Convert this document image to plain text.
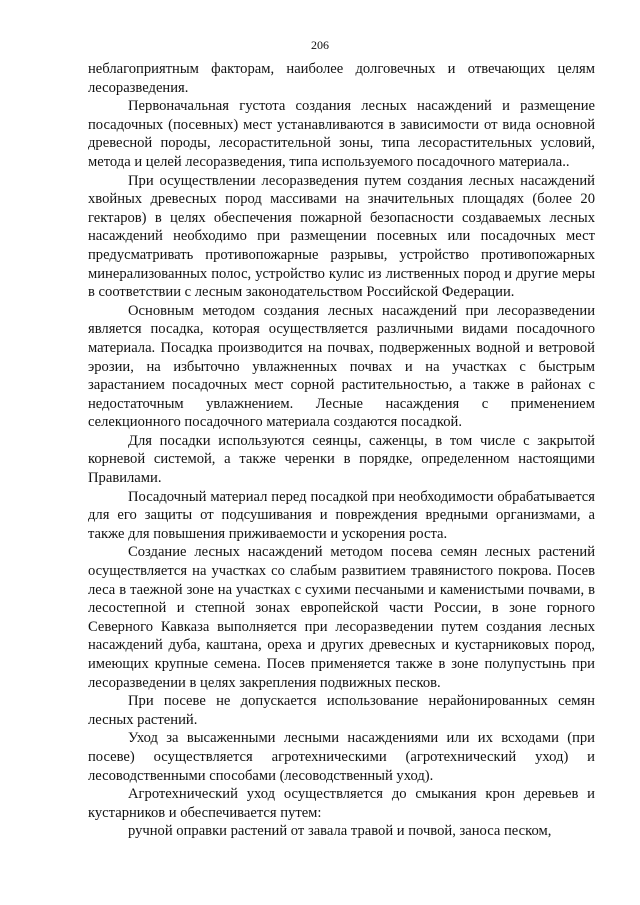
206

неблагоприятным факторам, наиболее долговечных и отвечающих целям лесоразведения.

Первоначальная густота создания лесных насаждений и размещение посадочных (посевных) мест устанавливаются в зависимости от вида основной древесной породы, лесорастительной зоны, типа лесорастительных условий, метода и целей лесоразведения, типа используемого посадочного материала..

При осуществлении лесоразведения путем создания лесных насаждений хвойных древесных пород массивами на значительных площадях (более 20 гектаров) в целях обеспечения пожарной безопасности создаваемых лесных насаждений необходимо при размещении посевных или посадочных мест предусматривать противопожарные разрывы, устройство противопожарных минерализованных полос, устройство кулис из лиственных пород и другие меры в соответствии с лесным законодательством Российской Федерации.

Основным методом создания лесных насаждений при лесоразведении является посадка, которая осуществляется различными видами посадочного материала. Посадка производится на почвах, подверженных водной и ветровой эрозии, на избыточно увлажненных почвах и на участках с быстрым зарастанием посадочных мест сорной растительностью, а также в районах с недостаточным увлажнением. Лесные насаждения с применением селекционного посадочного материала создаются посадкой.

Для посадки используются сеянцы, саженцы, в том числе с закрытой корневой системой, а также черенки в порядке, определенном настоящими Правилами.

Посадочный материал перед посадкой при необходимости обрабатывается для его защиты от подсушивания и повреждения вредными организмами, а также для повышения приживаемости и ускорения роста.

Создание лесных насаждений методом посева семян лесных растений осуществляется на участках со слабым развитием травянистого покрова. Посев леса в таежной зоне на участках с сухими песчаными и каменистыми почвами, в лесостепной и степной зонах европейской части России, в зоне горного Северного Кавказа выполняется при лесоразведении путем создания лесных насаждений дуба, каштана, ореха и других древесных и кустарниковых пород, имеющих крупные семена. Посев применяется также в зоне полупустынь при лесоразведении в целях закрепления подвижных песков.

При посеве не допускается использование нерайонированных семян лесных растений.

Уход за высаженными лесными насаждениями или их всходами (при посеве) осуществляется агротехническими (агротехнический уход) и лесоводственными способами (лесоводственный уход).

Агротехнический уход осуществляется до смыкания крон деревьев и кустарников и обеспечивается путем:

ручной оправки растений от завала травой и почвой, заноса песком,
